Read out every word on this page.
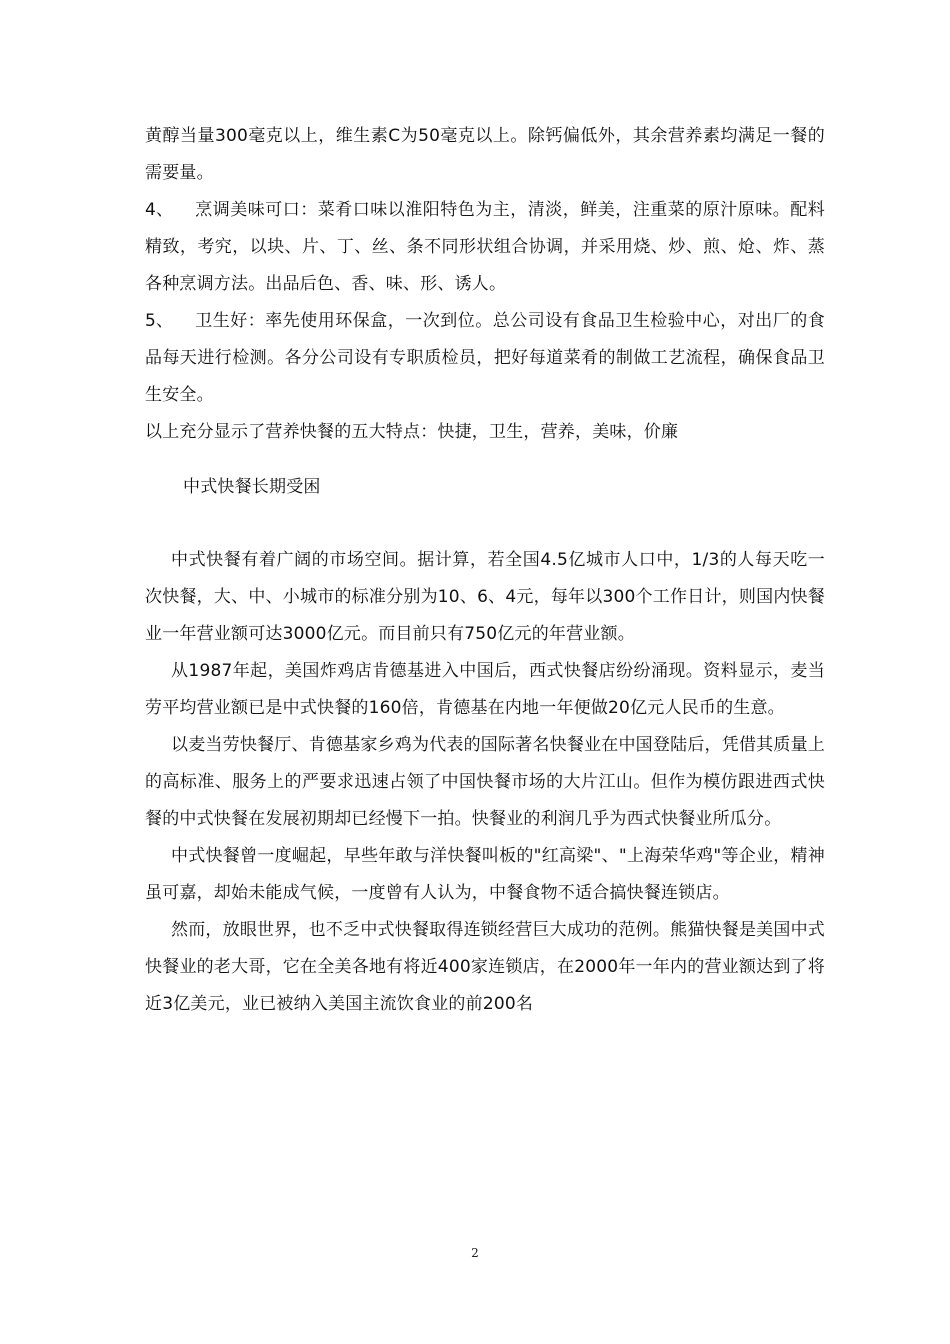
黄醇当量300毫克以上，维生素C为50毫克以上。除钙偏低外，其余营养素均满足一餐的需要量。

4、 烹调美味可口：菜肴口味以淮阳特色为主，清淡，鲜美，注重菜的原汁原味。配料精致，考究，以块、片、丁、丝、条不同形状组合协调，并采用烧、炒、煎、炝、炸、蒸各种烹调方法。出品后色、香、味、形、诱人。

5、 卫生好：率先使用环保盒，一次到位。总公司设有食品卫生检验中心，对出厂的食品每天进行检测。各分公司设有专职质检员，把好每道菜肴的制做工艺流程，确保食品卫生安全。

以上充分显示了营养快餐的五大特点：快捷，卫生，营养，美味，价廉

中式快餐长期受困

中式快餐有着广阔的市场空间。据计算，若全国4.5亿城市人口中，1/3的人每天吃一次快餐，大、中、小城市的标准分别为10、6、4元，每年以300个工作日计，则国内快餐业一年营业额可达3000亿元。而目前只有750亿元的年营业额。

从1987年起，美国炸鸡店肯德基进入中国后，西式快餐店纷纷涌现。资料显示，麦当劳平均营业额已是中式快餐的160倍，肯德基在内地一年便做20亿元人民币的生意。

以麦当劳快餐厅、肯德基家乡鸡为代表的国际著名快餐业在中国登陆后，凭借其质量上的高标准、服务上的严要求迅速占领了中国快餐市场的大片江山。但作为模仿跟进西式快餐的中式快餐在发展初期却已经慢下一拍。快餐业的利润几乎为西式快餐业所瓜分。

中式快餐曾一度崛起，早些年敢与洋快餐叫板的"红高梁"、"上海荣华鸡"等企业，精神虽可嘉，却始未能成气候，一度曾有人认为，中餐食物不适合搞快餐连锁店。

然而，放眼世界，也不乏中式快餐取得连锁经营巨大成功的范例。熊猫快餐是美国中式快餐业的老大哥，它在全美各地有将近400家连锁店，在2000年一年内的营业额达到了将近3亿美元，业已被纳入美国主流饮食业的前200名

2
